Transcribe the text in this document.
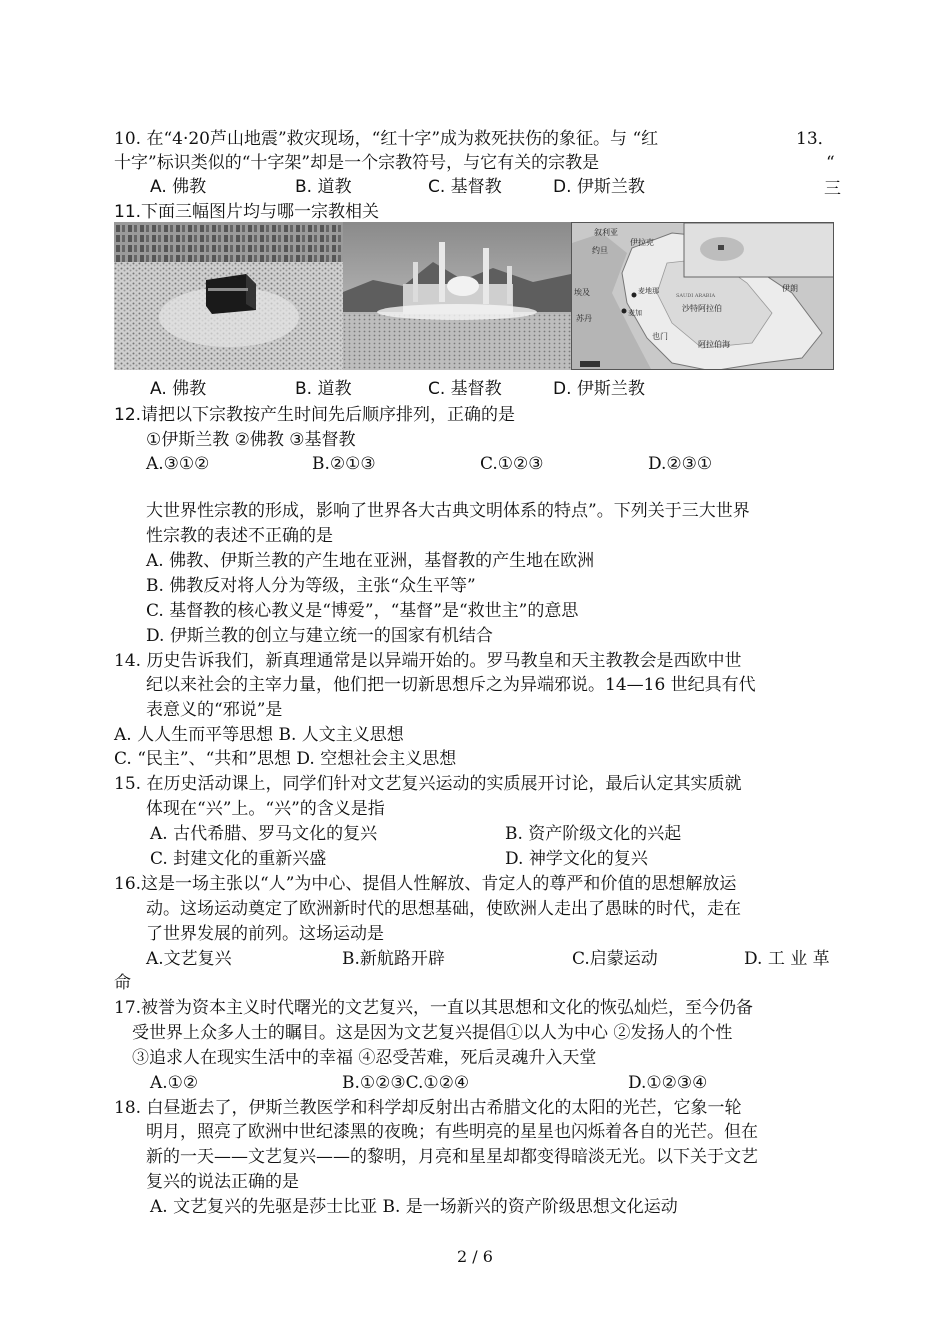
10. 在“4·20芦山地震”救灾现场，“红十字”成为救死扶伤的象征。与 “红
十字”标识类似的“十字架”却是一个宗教符号，与它有关的宗教是
A. 佛教	B. 道教	C. 基督教	D. 伊斯兰教
13．
“
三
11.下面三幅图片均与哪一宗教相关
叙利亚
伊拉克
约旦
伊朗
埃及	麦地那
麦加	沙特阿拉伯
苏丹
也门
阿拉伯海
SAUDI ARABIA
A. 佛教	B. 道教	C. 基督教	D. 伊斯兰教
12.请把以下宗教按产生时间先后顺序排列，正确的是
①伊斯兰教 ②佛教 ③基督教
A.③①②	B.②①③	C.①②③	D.②③①
大世界性宗教的形成，影响了世界各大古典文明体系的特点”。下列关于三大世界
性宗教的表述不正确的是
A. 佛教、伊斯兰教的产生地在亚洲，基督教的产生地在欧洲
B. 佛教反对将人分为等级，主张“众生平等”
C. 基督教的核心教义是“博爱”，“基督”是“救世主”的意思
D. 伊斯兰教的创立与建立统一的国家有机结合
14. 历史告诉我们，新真理通常是以异端开始的。罗马教皇和天主教教会是西欧中世
纪以来社会的主宰力量，他们把一切新思想斥之为异端邪说。14—16 世纪具有代
表意义的“邪说”是
A. 人人生而平等思想 B. 人文主义思想
C. “民主”、“共和”思想 D. 空想社会主义思想
15. 在历史活动课上，同学们针对文艺复兴运动的实质展开讨论，最后认定其实质就
体现在“兴”上。“兴”的含义是指
A. 古代希腊、罗马文化的复兴	B. 资产阶级文化的兴起
C. 封建文化的重新兴盛	D. 神学文化的复兴
16.这是一场主张以“人”为中心、提倡人性解放、肯定人的尊严和价值的思想解放运
动。这场运动奠定了欧洲新时代的思想基础，使欧洲人走出了愚昧的时代，走在
了世界发展的前列。这场运动是
A.文艺复兴	B.新航路开辟	C.启蒙运动	D. 工 业 革
命
17.被誉为资本主义时代曙光的文艺复兴，一直以其思想和文化的恢弘灿烂，至今仍备
受世界上众多人士的瞩目。这是因为文艺复兴提倡①以人为中心 ②发扬人的个性
③追求人在现实生活中的幸福 ④忍受苦难，死后灵魂升入天堂
A.①②	B.①②③C.①②④	D.①②③④
18. 白昼逝去了，伊斯兰教医学和科学却反射出古希腊文化的太阳的光芒，它象一轮
明月，照亮了欧洲中世纪漆黑的夜晚；有些明亮的星星也闪烁着各自的光芒。但在
新的一天——文艺复兴——的黎明，月亮和星星却都变得暗淡无光。以下关于文艺
复兴的说法正确的是
A. 文艺复兴的先驱是莎士比亚 B. 是一场新兴的资产阶级思想文化运动
2 / 6
